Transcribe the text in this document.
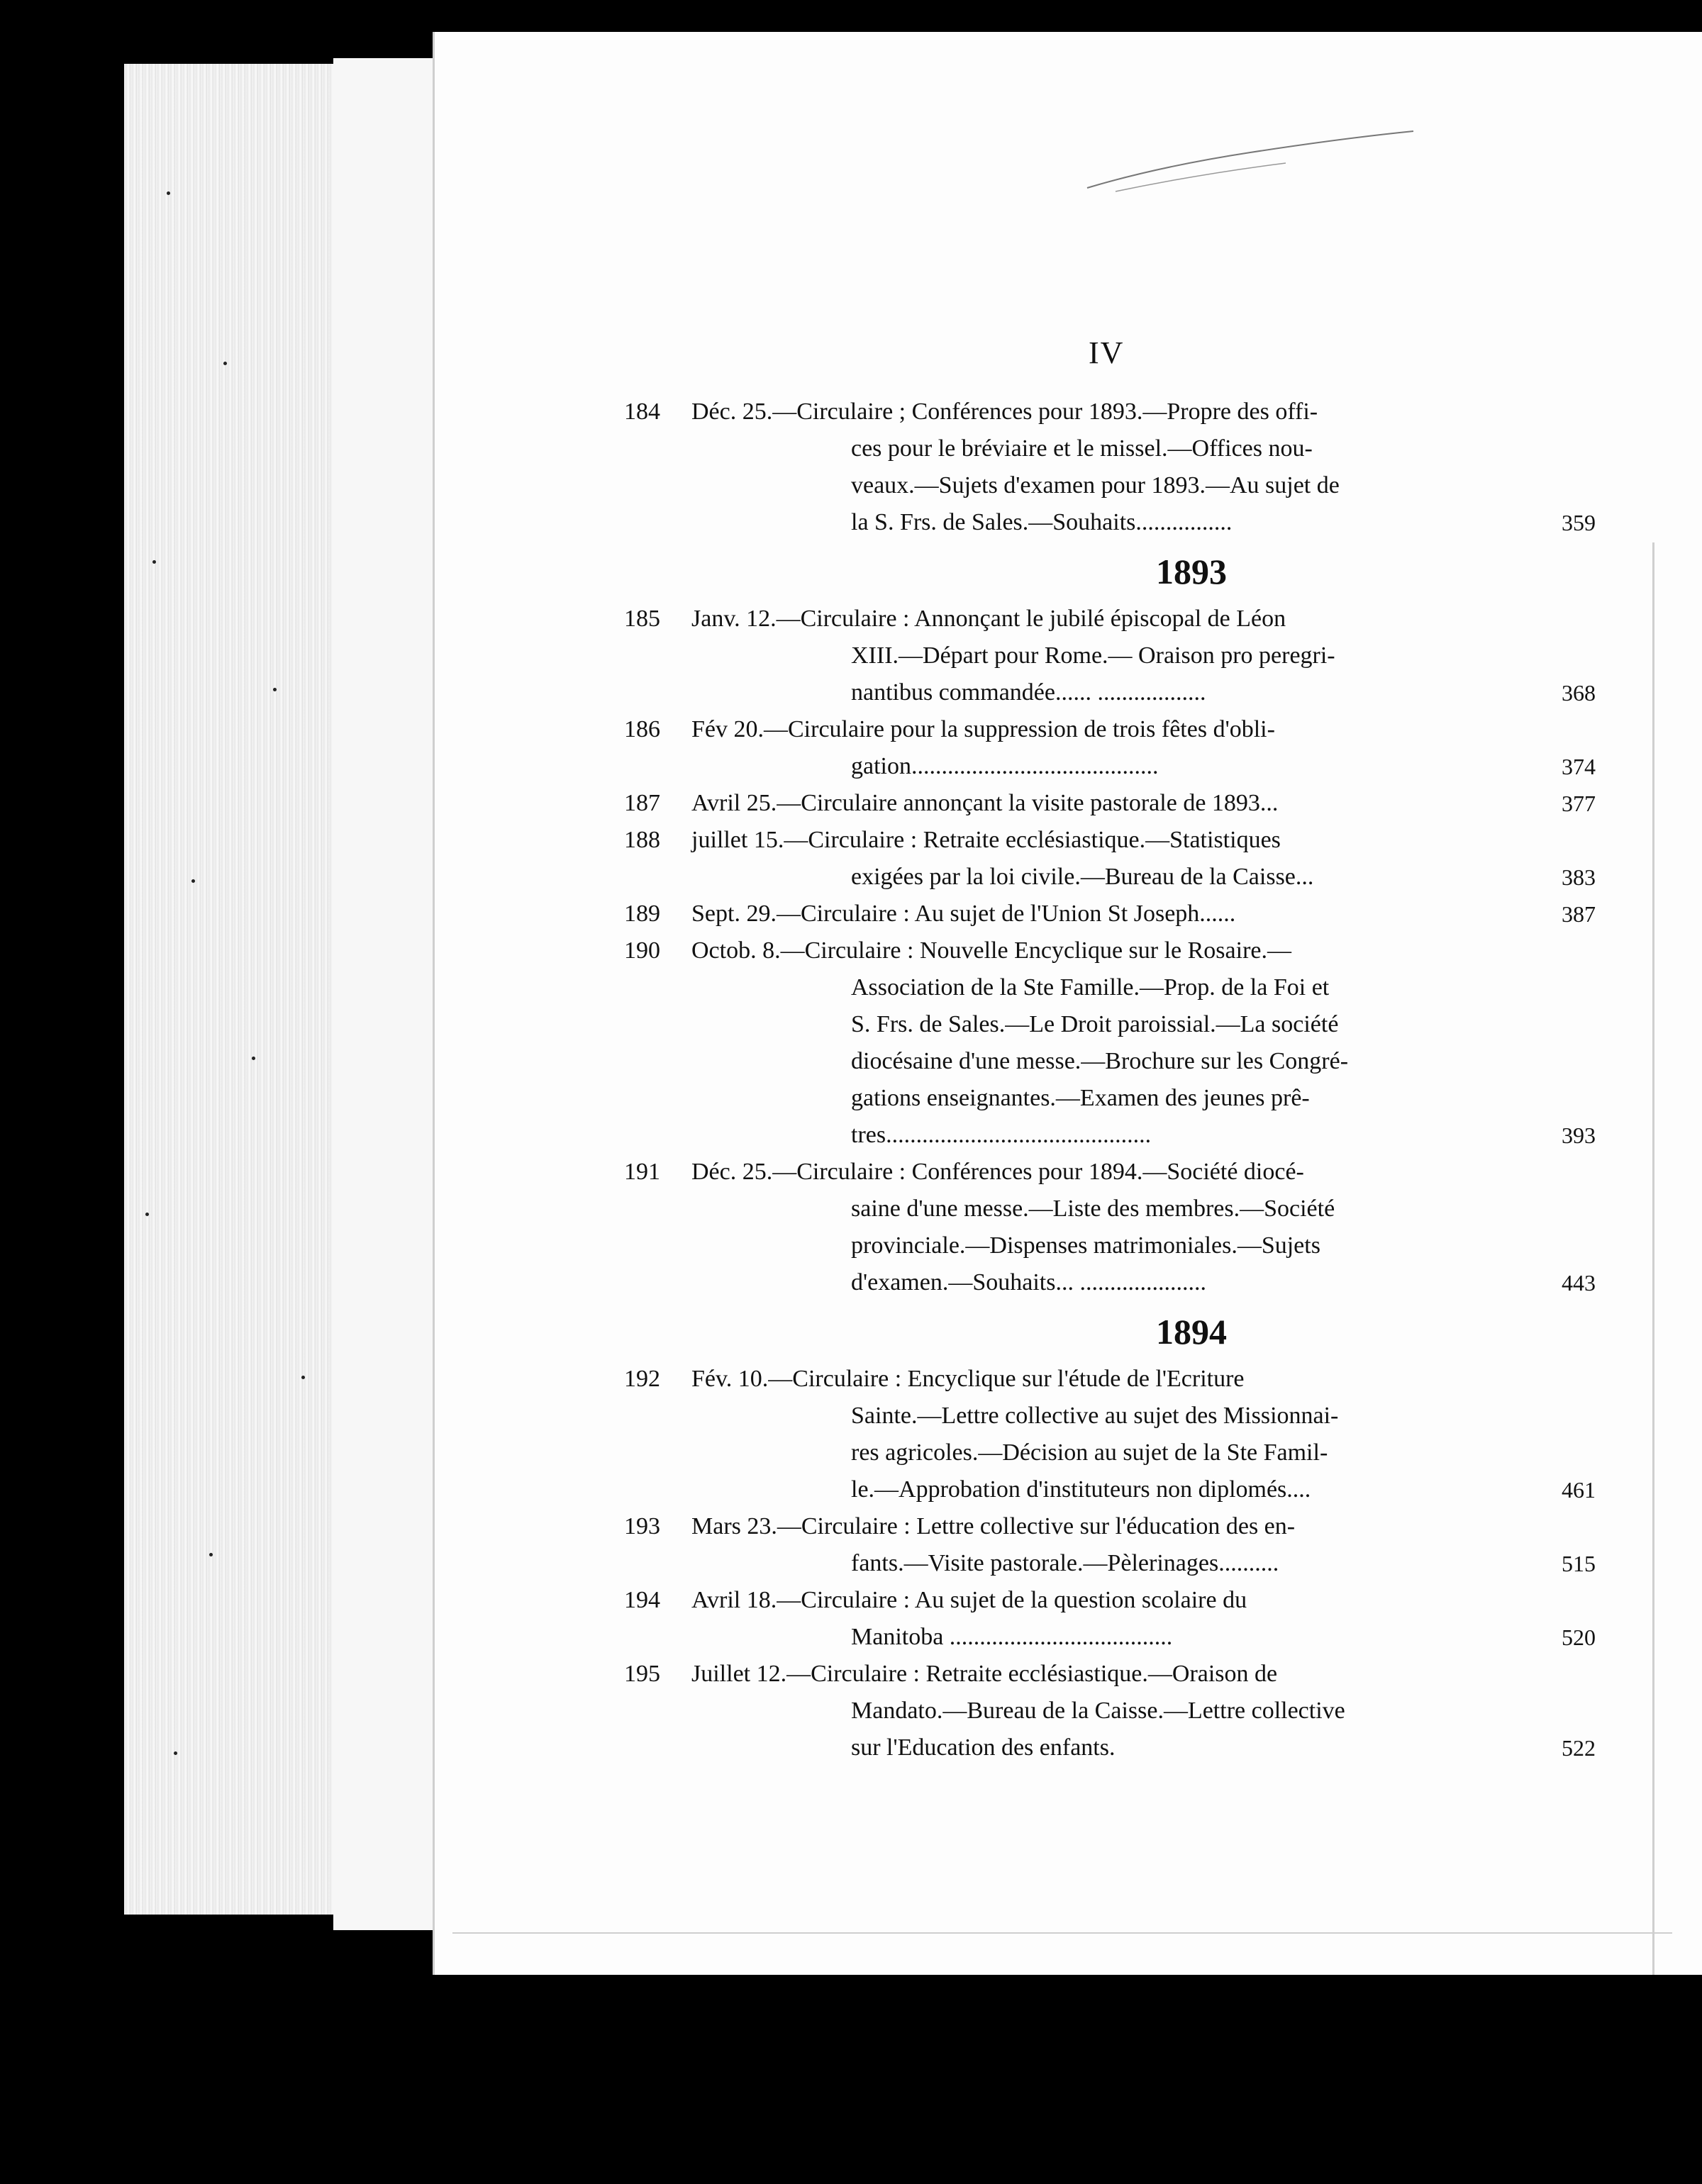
IV
184 Déc. 25.—Circulaire ; Conférences pour 1893.—Propre des offi-
ces pour le bréviaire et le missel.—Offices nou-
veaux.—Sujets d'examen pour 1893.—Au sujet de
la S. Frs. de Sales.—Souhaits................	359
1893
185 Janv. 12.—Circulaire : Annonçant le jubilé épiscopal de Léon
XIII.—Départ pour Rome.— Oraison pro peregri-
nantibus commandée...... ..................	368
186 Fév 20.—Circulaire pour la suppression de trois fêtes d'obli-
gation.........................................	374
187 Avril 25.—Circulaire annonçant la visite pastorale de 1893...	377
188 juillet 15.—Circulaire : Retraite ecclésiastique.—Statistiques
exigées par la loi civile.—Bureau de la Caisse...	383
189 Sept. 29.—Circulaire : Au sujet de l'Union St Joseph......	387
190 Octob. 8.—Circulaire : Nouvelle Encyclique sur le Rosaire.—
Association de la Ste Famille.—Prop. de la Foi et
S. Frs. de Sales.—Le Droit paroissial.—La société
diocésaine d'une messe.—Brochure sur les Congré-
gations enseignantes.—Examen des jeunes prê-
tres............................................	393
191 Déc. 25.—Circulaire : Conférences pour 1894.—Société diocé-
saine d'une messe.—Liste des membres.—Société
provinciale.—Dispenses matrimoniales.—Sujets
d'examen.—Souhaits... .....................	443
1894
192 Fév. 10.—Circulaire : Encyclique sur l'étude de l'Ecriture
Sainte.—Lettre collective au sujet des Missionnai-
res agricoles.—Décision au sujet de la Ste Famil-
le.—Approbation d'instituteurs non diplomés....	461
193 Mars 23.—Circulaire : Lettre collective sur l'éducation des en-
fants.—Visite pastorale.—Pèlerinages..........	515
194 Avril 18.—Circulaire : Au sujet de la question scolaire du
Manitoba .....................................	520
195 Juillet 12.—Circulaire : Retraite ecclésiastique.—Oraison de
Mandato.—Bureau de la Caisse.—Lettre collective
sur l'Education des enfants.	522
